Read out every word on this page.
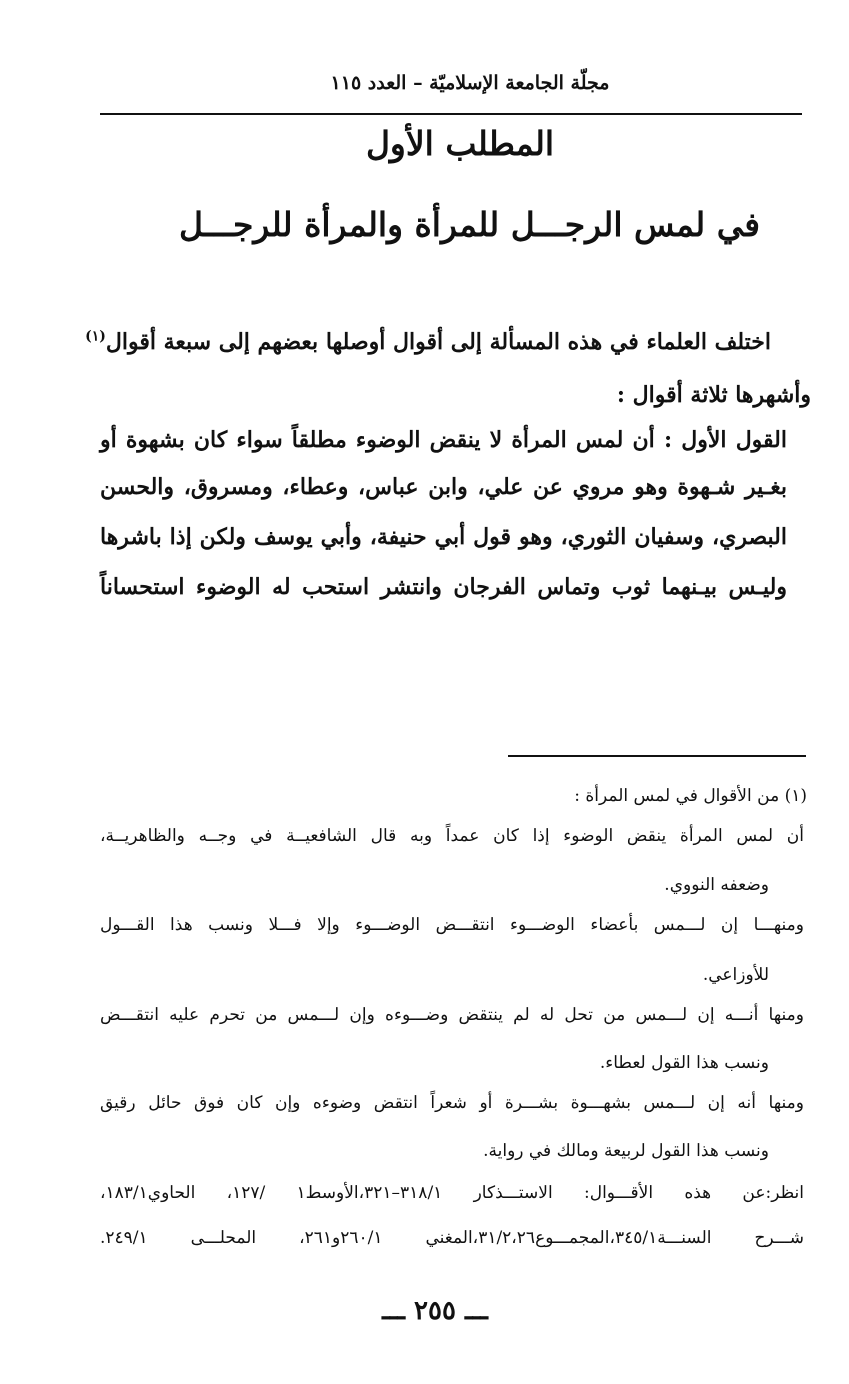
مجلّة الجامعة الإسلاميّة – العدد ١١٥
المطلب الأول
في لمس الرجـــل للمرأة والمرأة للرجـــل
اختلف العلماء في هذه المسألة إلى أقوال أوصلها بعضهم إلى سبعة أقوال$^{(١)}$
وأشهرها ثلاثة أقوال :
القول الأول : أن لمس المرأة لا ينقض الوضوء مطلقاً سواء كان بشهوة أو
بغـير شـهوة وهو مروي عن علي، وابن عباس، وعطاء، ومسروق، والحسن
البصري، وسفيان الثوري، وهو قول أبي حنيفة، وأبي يوسف ولكن إذا باشرها
وليـس بيـنهما ثوب وتماس الفرجان وانتشر استحب له الوضوء استحساناً
(١) من الأقوال في لمس المرأة :
أن لمس المرأة ينقض الوضوء إذا كان عمداً وبه قال الشافعيــة في وجــه والظاهريــة،
وضعفه النووي.
ومنهـــا إن لـــمس بأعضاء الوضـــوء انتقـــض الوضـــوء وإلا فـــلا ونسب هذا القـــول
للأوزاعي.
ومنها أنـــه إن لـــمس من تحل له لم ينتقض وضـــوءه وإن لـــمس من تحرم عليه انتقـــض
ونسب هذا القول لعطاء.
ومنها أنه إن لـــمس بشهـــوة بشـــرة أو شعراً انتقض وضوءه وإن كان فوق حائل رقيق
ونسب هذا القول لربيعة ومالك في رواية.
انظر:عن هذه الأقـــوال: الاستـــذكار ٣١٨/١–٣٢١،الأوسط١ /١٢٧، الحاوي١٨٣/١،
شـــرح السنـــة٣٤٥/١،المجمـــوع٣١/٢،٢٦،المغني ٢٦٠/١و٢٦١، المحلـــى ٢٤٩/١.
ـــ ٢٥٥ ـــ
